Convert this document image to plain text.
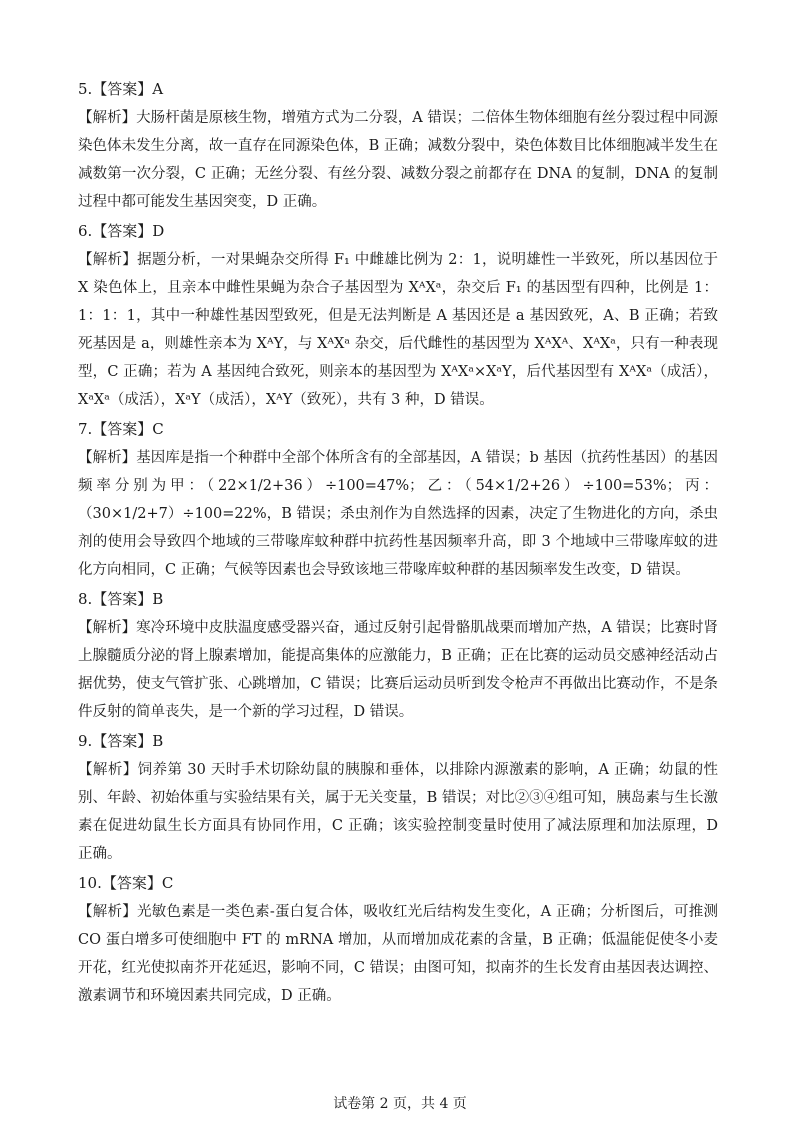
5.【答案】A
【解析】大肠杆菌是原核生物，增殖方式为二分裂，A 错误；二倍体生物体细胞有丝分裂过程中同源染色体未发生分离，故一直存在同源染色体，B 正确；减数分裂中，染色体数目比体细胞减半发生在减数第一次分裂，C 正确；无丝分裂、有丝分裂、减数分裂之前都存在 DNA 的复制，DNA 的复制过程中都可能发生基因突变，D 正确。
6.【答案】D
【解析】据题分析，一对果蝇杂交所得 F₁ 中雌雄比例为 2：1，说明雄性一半致死，所以基因位于 X 染色体上，且亲本中雌性果蝇为杂合子基因型为 XᴬXᵃ，杂交后 F₁ 的基因型有四种，比例是 1：1：1：1，其中一种雄性基因型致死，但是无法判断是 A 基因还是 a 基因致死，A、B 正确；若致死基因是 a，则雄性亲本为 XᴬY，与 XᴬXᵃ 杂交，后代雌性的基因型为 XᴬXᴬ、XᴬXᵃ，只有一种表现型，C 正确；若为 A 基因纯合致死，则亲本的基因型为 XᴬXᵃ×XᵃY，后代基因型有 XᴬXᵃ（成活），XᵃXᵃ（成活），XᵃY（成活），XᴬY（致死），共有 3 种，D 错误。
7.【答案】C
【解析】基因库是指一个种群中全部个体所含有的全部基因，A 错误；b 基因（抗药性基因）的基因频率分别为甲：（22×1/2+36）÷100=47%；乙：（54×1/2+26）÷100=53%；丙：（30×1/2+7）÷100=22%，B 错误；杀虫剂作为自然选择的因素，决定了生物进化的方向，杀虫剂的使用会导致四个地域的三带喙库蚊种群中抗药性基因频率升高，即 3 个地域中三带喙库蚊的进化方向相同，C 正确；气候等因素也会导致该地三带喙库蚊种群的基因频率发生改变，D 错误。
8.【答案】B
【解析】寒冷环境中皮肤温度感受器兴奋，通过反射引起骨骼肌战栗而增加产热，A 错误；比赛时肾上腺髓质分泌的肾上腺素增加，能提高集体的应激能力，B 正确；正在比赛的运动员交感神经活动占据优势，使支气管扩张、心跳增加，C 错误；比赛后运动员听到发令枪声不再做出比赛动作，不是条件反射的简单丧失，是一个新的学习过程，D 错误。
9.【答案】B
【解析】饲养第 30 天时手术切除幼鼠的胰腺和垂体，以排除内源激素的影响，A 正确；幼鼠的性别、年龄、初始体重与实验结果有关，属于无关变量，B 错误；对比②③④组可知，胰岛素与生长激素在促进幼鼠生长方面具有协同作用，C 正确；该实验控制变量时使用了减法原理和加法原理，D 正确。
10.【答案】C
【解析】光敏色素是一类色素-蛋白复合体，吸收红光后结构发生变化，A 正确；分析图后，可推测 CO 蛋白增多可使细胞中 FT 的 mRNA 增加，从而增加成花素的含量，B 正确；低温能促使冬小麦开花，红光使拟南芥开花延迟，影响不同，C 错误；由图可知，拟南芥的生长发育由基因表达调控、激素调节和环境因素共同完成，D 正确。
试卷第 2 页，共 4 页
